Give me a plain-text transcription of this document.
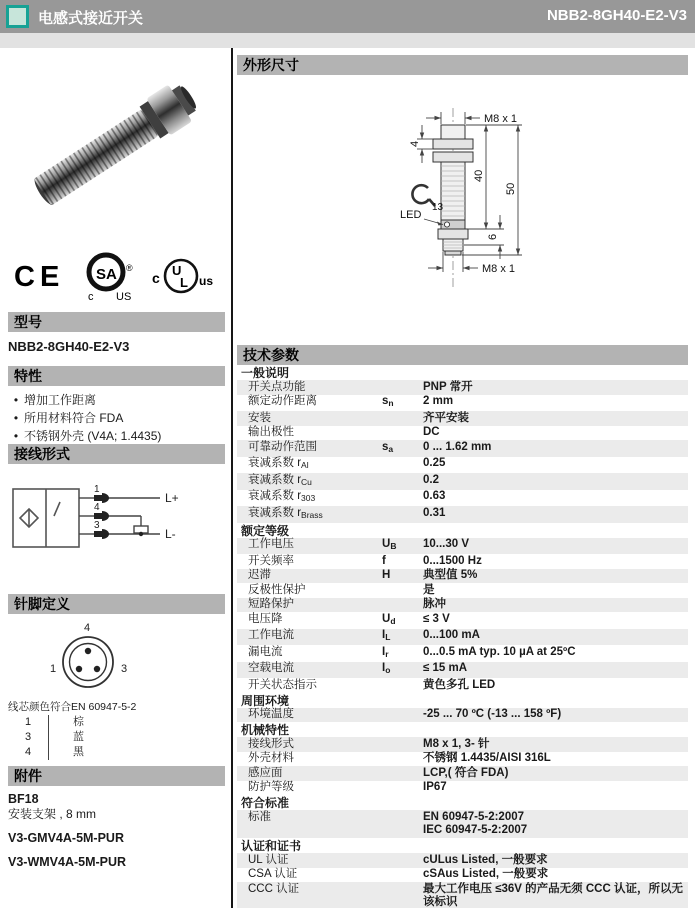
电感式接近开关	NBB2-8GH40-E2-V3
CE SA ®
c US
c U
L us
型号
NBB2-8GH40-E2-V3
特性
• 增加工作距离
• 所用材料符合 FDA
• 不锈钢外壳 (V4A; 1.4435)
接线形式
1
4
3
L+
L-
针脚定义
4
1	3
线芯颜色符合EN 60947-5-2
1	棕
3	蓝
4	黑
附件
BF18
安装支架 , 8 mm
V3-GMV4A-5M-PUR
V3-WMV4A-5M-PUR
外形尺寸
M8 x 1
M8 x 1
4
40
50
6
13
LED
技术参数
一般说明
开关点功能	PNP 常开
额定动作距离	$s_n$	2 mm
安装	齐平安装
输出极性	DC
可靠动作范围	$s_a$	0 ... 1.62 mm
衰减系数 $r_{Al}$	0.25
衰减系数 $r_{Cu}$	0.2
衰减系数 $r_{303}$	0.63
衰减系数 $r_{Brass}$	0.31
额定等级
工作电压	$U_B$	10...30 V
开关频率	f	0...1500 Hz
迟滞	H	典型值 5%
反极性保护	是
短路保护	脉冲
电压降	$U_d$	≤ 3 V
工作电流	$I_L$	0...100 mA
漏电流	$I_r$	0...0.5 mA typ. 10 µA at 25ºC
空载电流	$I_o$	≤ 15 mA
开关状态指示	黄色多孔 LED
周围环境
环境温度	-25 ... 70 ºC (-13 ... 158 ºF)
机械特性
接线形式	M8 x 1, 3- 针
外壳材料	不锈钢 1.4435/AISI 316L
感应面	LCP,( 符合 FDA)
防护等级	IP67
符合标准
标准	EN 60947-5-2:2007
IEC 60947-5-2:2007
认证和证书
UL 认证	cULus Listed, 一般要求
CSA 认证	cSAus Listed, 一般要求
CCC 认证	最大工作电压 ≤36V 的产品无须 CCC 认证，所以无该标识
